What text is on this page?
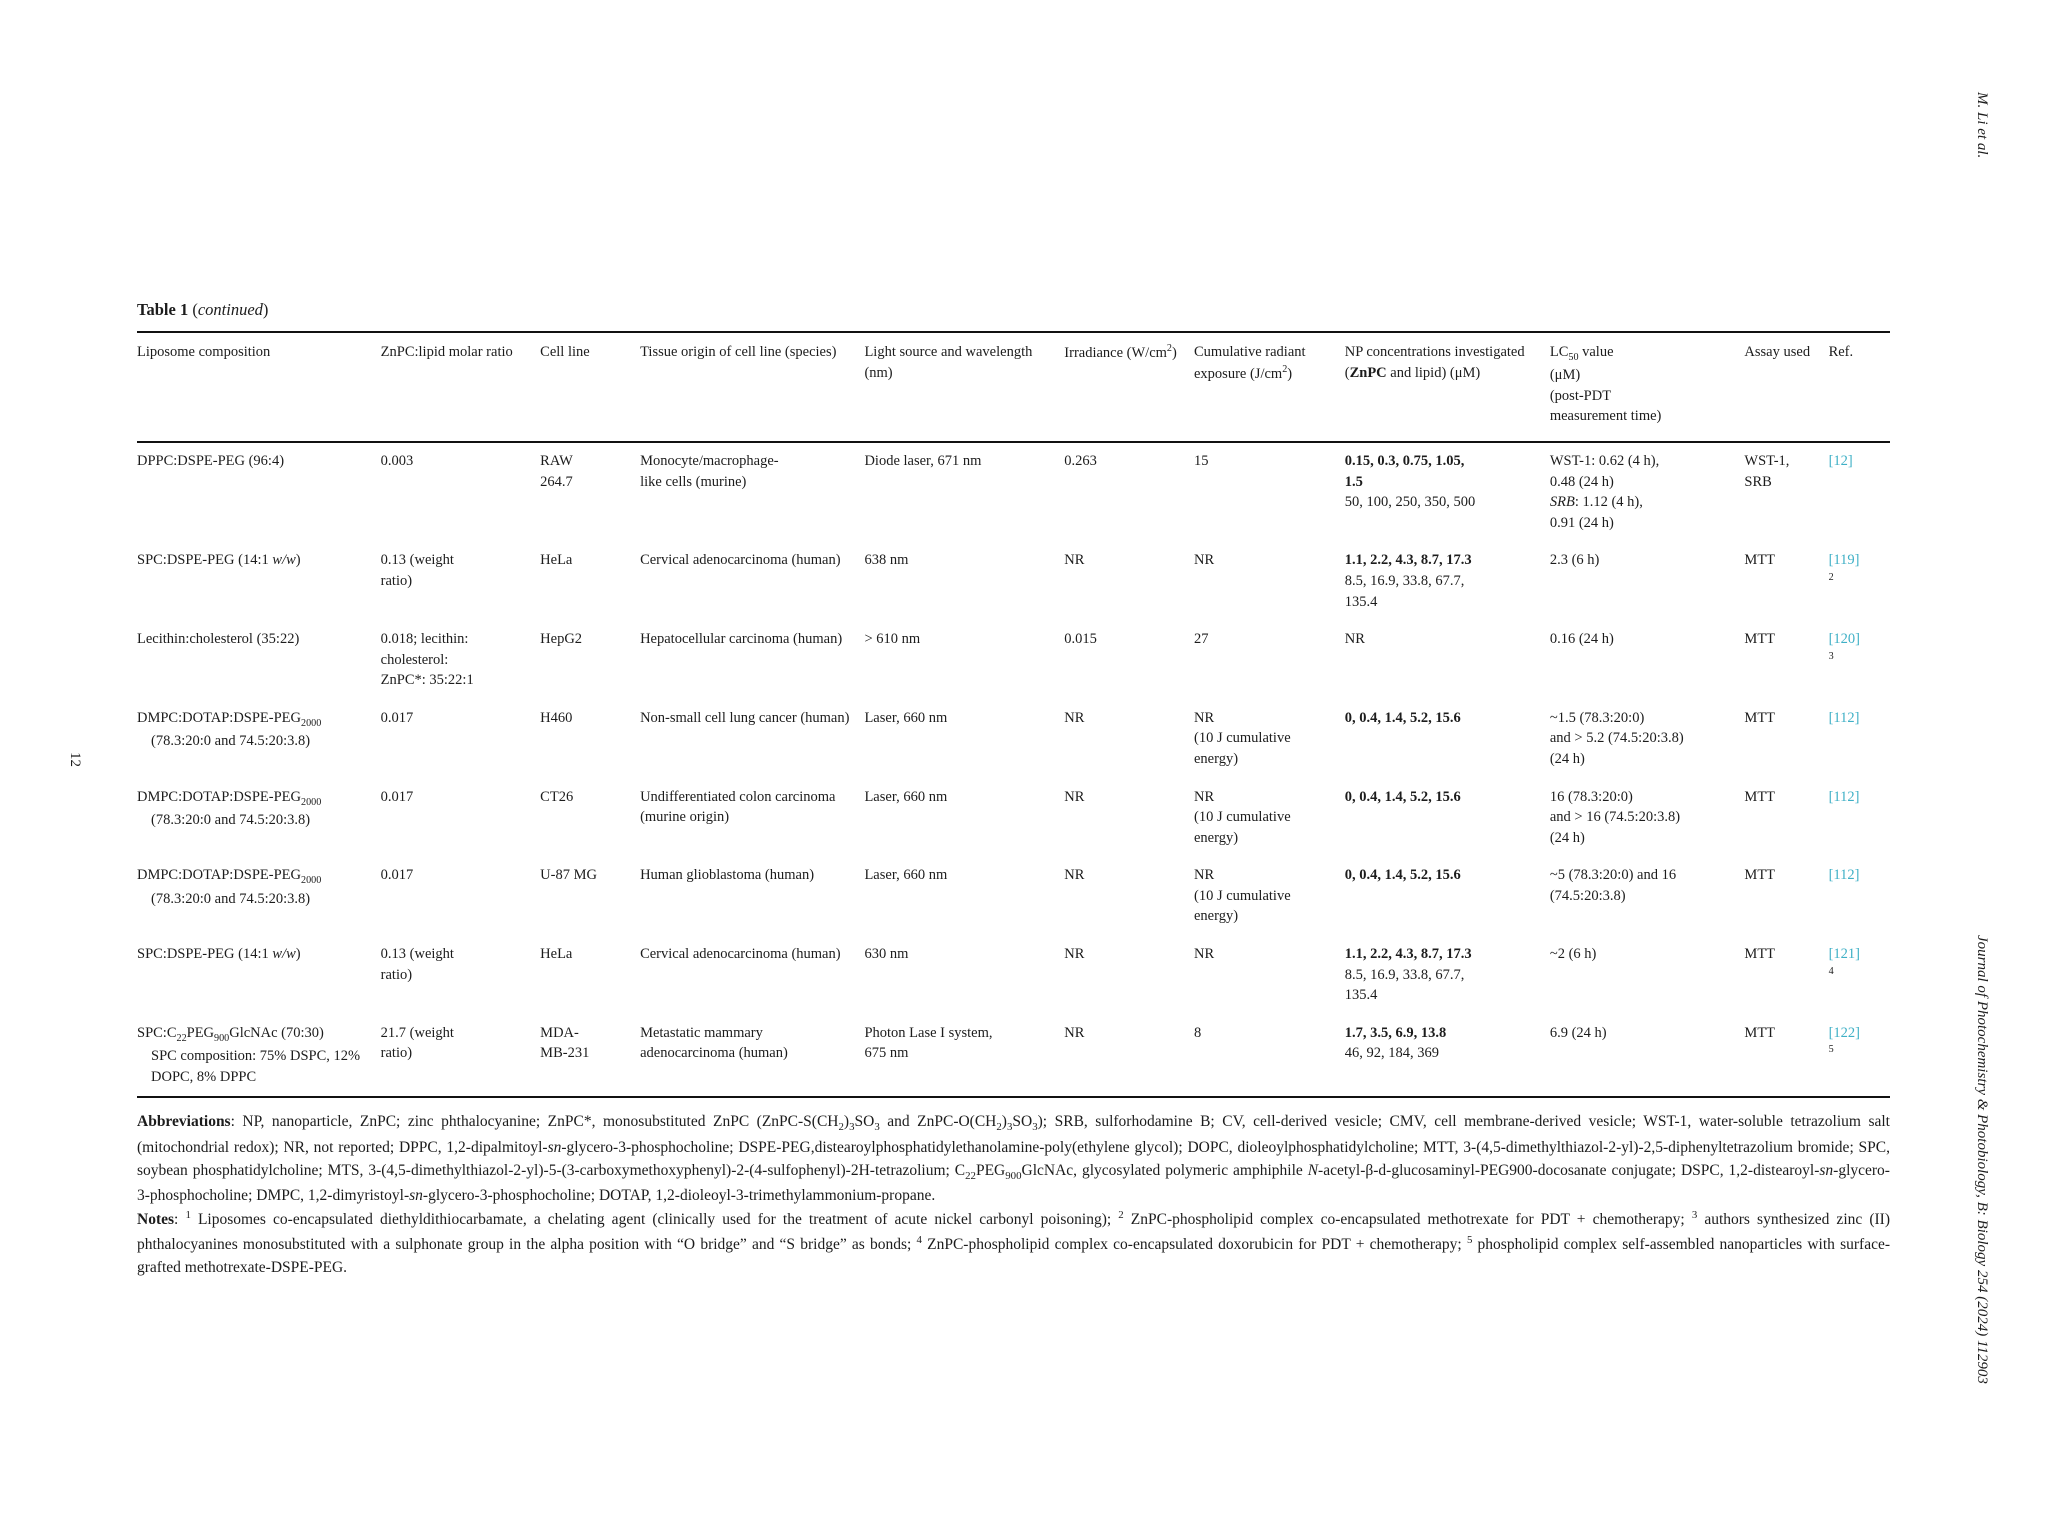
M. Li et al.
Journal of Photochemistry & Photobiology, B: Biology 254 (2024) 112903
12
Table 1 (continued)
Liposome composition	ZnPC:lipid molar ratio	Cell line	Tissue origin of cell line (species)	Light source and wavelength (nm)	Irradiance $(W/cm^2)$	Cumulative radiant exposure $(J/cm^2)$	NP concentrations investigated (ZnPC and lipid) (μM)	$LC_{50}$ value
(μM)
(post-PDT
measurement time)	Assay used	Ref.
DPPC:DSPE-PEG (96:4)	0.003	RAW
264.7	Monocyte/macrophage-
like cells (murine)	Diode laser, 671 nm	0.263	15	0.15, 0.3, 0.75, 1.05,
1.5
50, 100, 250, 350, 500	WST-1: 0.62 (4 h),
0.48 (24 h)
SRB: 1.12 (4 h),
0.91 (24 h)	WST-1,
SRB	[12]
SPC:DSPE-PEG (14:1 w/w)	0.13 (weight
ratio)	HeLa	Cervical adenocarcinoma (human)	638 nm	NR	NR	1.1, 2.2, 4.3, 8.7, 17.3
8.5, 16.9, 33.8, 67.7,
135.4	2.3 (6 h)	MTT	[119]
$^2$
Lecithin:cholesterol (35:22)	0.018; lecithin:
cholesterol:
ZnPC*: 35:22:1	HepG2	Hepatocellular carcinoma (human)	> 610 nm	0.015	27	NR	0.16 (24 h)	MTT	[120]
$^3$
$DMPC:DOTAP:DSPE-PEG_{2000}$ (78.3:20:0 and 74.5:20:3.8)	0.017	H460	Non-small cell lung cancer (human)	Laser, 660 nm	NR	NR
(10 J cumulative
energy)	0, 0.4, 1.4, 5.2, 15.6	~1.5 (78.3:20:0)
and > 5.2 (74.5:20:3.8)
(24 h)	MTT	[112]
$DMPC:DOTAP:DSPE-PEG_{2000}$ (78.3:20:0 and 74.5:20:3.8)	0.017	CT26	Undifferentiated colon carcinoma (murine origin)	Laser, 660 nm	NR	NR
(10 J cumulative
energy)	0, 0.4, 1.4, 5.2, 15.6	16 (78.3:20:0)
and > 16 (74.5:20:3.8)
(24 h)	MTT	[112]
$DMPC:DOTAP:DSPE-PEG_{2000}$ (78.3:20:0 and 74.5:20:3.8)	0.017	U-87 MG	Human glioblastoma (human)	Laser, 660 nm	NR	NR
(10 J cumulative
energy)	0, 0.4, 1.4, 5.2, 15.6	~5 (78.3:20:0) and 16
(74.5:20:3.8)	MTT	[112]
SPC:DSPE-PEG (14:1 w/w)	0.13 (weight
ratio)	HeLa	Cervical adenocarcinoma (human)	630 nm	NR	NR	1.1, 2.2, 4.3, 8.7, 17.3
8.5, 16.9, 33.8, 67.7,
135.4	~2 (6 h)	MTT	[121]
$^4$
$SPC:C_{22}PEG_{900}GlcNAc$ (70:30)
SPC composition: 75% DSPC, 12% DOPC, 8% DPPC	21.7 (weight
ratio)	MDA-
MB-231	Metastatic mammary adenocarcinoma (human)	Photon Lase I system,
675 nm	NR	8	1.7, 3.5, 6.9, 13.8
46, 92, 184, 369	6.9 (24 h)	MTT	[122]
$^5$

Abbreviations: NP, nanoparticle, ZnPC; zinc phthalocyanine; ZnPC*, monosubstituted ZnPC ($ZnPC-S(CH_2)_3SO_3$ and ZnPC-$O(CH_2)_3SO_3$); SRB, sulforhodamine B; CV, cell-derived vesicle; CMV, cell membrane-derived vesicle; WST-1, water-soluble tetrazolium salt (mitochondrial redox); NR, not reported; DPPC, 1,2-dipalmitoyl-sn-glycero-3-phosphocholine; DSPE-PEG,distearoylphosphatidylethanolamine-poly(ethylene glycol); DOPC, dioleoylphosphatidylcholine; MTT, 3-(4,5-dimethylthiazol-2-yl)-2,5-diphenyltetrazolium bromide; SPC, soybean phosphatidylcholine; MTS, 3-(4,5-dimethylthiazol-2-yl)-5-(3-carboxymethoxyphenyl)-2-(4-sulfophenyl)-2H-tetrazolium; $C_{22}PEG_{900}GlcNAc$, glycosylated polymeric amphiphile N-acetyl-β-d-glucosaminyl-PEG900-docosanate conjugate; DSPC, 1,2-distearoyl-sn-glycero-3-phosphocholine; DMPC, 1,2-dimyristoyl-sn-glycero-3-phosphocholine; DOTAP, 1,2-dioleoyl-3-trimethylammonium-propane.

Notes: $^1$ Liposomes co-encapsulated diethyldithiocarbamate, a chelating agent (clinically used for the treatment of acute nickel carbonyl poisoning); $^2$ ZnPC-phospholipid complex co-encapsulated methotrexate for PDT + chemotherapy; $^3$ authors synthesized zinc (II) phthalocyanines monosubstituted with a sulphonate group in the alpha position with “O bridge” and “S bridge” as bonds; $^4$ ZnPC-phospholipid complex co-encapsulated doxorubicin for PDT + chemotherapy; $^5$ phospholipid complex self-assembled nanoparticles with surface-grafted methotrexate-DSPE-PEG.
